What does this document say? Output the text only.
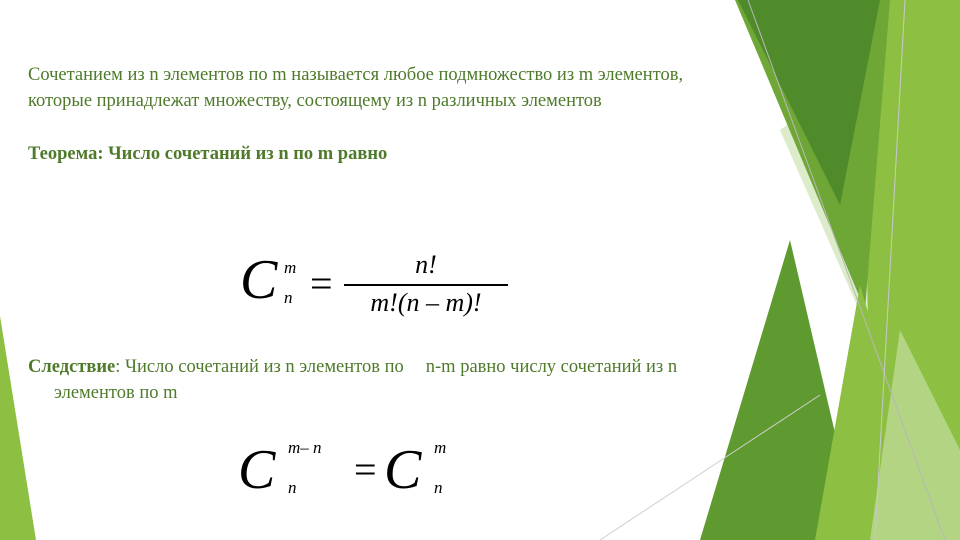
Сочетанием из n элементов по m называется любое подмножество из m элементов,
которые принадлежат множеству, состоящему из n различных элементов
Теорема: Число сочетаний из n по m равно
C m
n =	n!
m!(n – m)!
Следствие: Число сочетаний из n элементов по n-m равно числу сочетаний из n
элементов по m
C m– n
n = C m
n
